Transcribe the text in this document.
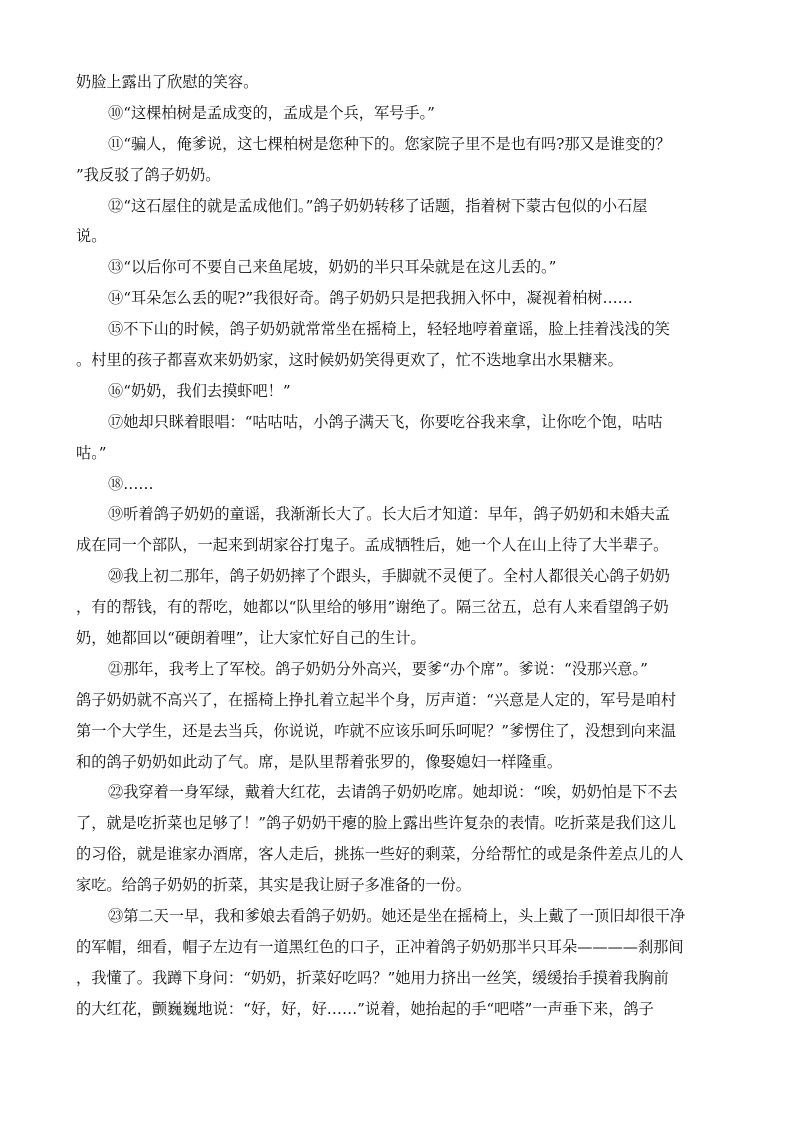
奶脸上露出了欣慰的笑容。
⑩“这棵柏树是孟成变的，孟成是个兵，军号手。”
⑪“骗人，俺爹说，这七棵柏树是您种下的。您家院子里不是也有吗?那又是谁变的？
”我反驳了鸽子奶奶。
⑫“这石屋住的就是孟成他们。”鸽子奶奶转移了话题，指着树下蒙古包似的小石屋
说。
⑬“以后你可不要自己来鱼尾坡，奶奶的半只耳朵就是在这儿丢的。”
⑭“耳朵怎么丢的呢?”我很好奇。鸽子奶奶只是把我拥入怀中，凝视着柏树……
⑮不下山的时候，鸽子奶奶就常常坐在摇椅上，轻轻地哼着童谣，脸上挂着浅浅的笑
。村里的孩子都喜欢来奶奶家，这时候奶奶笑得更欢了，忙不迭地拿出水果糖来。
⑯“奶奶，我们去摸虾吧！”
⑰她却只眯着眼唱：“咕咕咕，小鸽子满天飞，你要吃谷我来拿，让你吃个饱，咕咕
咕。”
⑱……
⑲听着鸽子奶奶的童谣，我渐渐长大了。长大后才知道：早年，鸽子奶奶和未婚夫孟
成在同一个部队，一起来到胡家谷打鬼子。孟成牺牲后，她一个人在山上待了大半辈子。
⑳我上初二那年，鸽子奶奶摔了个跟头，手脚就不灵便了。全村人都很关心鸽子奶奶
，有的帮钱，有的帮吃，她都以“队里给的够用”谢绝了。隔三岔五，总有人来看望鸽子奶
奶，她都回以“硬朗着哩”，让大家忙好自己的生计。
㉑那年，我考上了军校。鸽子奶奶分外高兴，要爹“办个席”。爹说：“没那兴意。”
鸽子奶奶就不高兴了，在摇椅上挣扎着立起半个身，厉声道：“兴意是人定的，军号是咱村
第一个大学生，还是去当兵，你说说，咋就不应该乐呵乐呵呢？”爹愣住了，没想到向来温
和的鸽子奶奶如此动了气。席，是队里帮着张罗的，像娶媳妇一样隆重。
㉒我穿着一身军绿，戴着大红花，去请鸽子奶奶吃席。她却说：“唉，奶奶怕是下不去
了，就是吃折菜也足够了！”鸽子奶奶干瘪的脸上露出些许复杂的表情。吃折菜是我们这儿
的习俗，就是谁家办酒席，客人走后，挑拣一些好的剩菜，分给帮忙的或是条件差点儿的人
家吃。给鸽子奶奶的折菜，其实是我让厨子多准备的一份。
㉓第二天一早，我和爹娘去看鸽子奶奶。她还是坐在摇椅上，头上戴了一顶旧却很干净
的军帽，细看，帽子左边有一道黑红色的口子，正冲着鸽子奶奶那半只耳朵————刹那间
，我懂了。我蹲下身问：“奶奶，折菜好吃吗？”她用力挤出一丝笑，缓缓抬手摸着我胸前
的大红花，颤巍巍地说：“好，好，好……”说着，她抬起的手“吧嗒”一声垂下来，鸽子
